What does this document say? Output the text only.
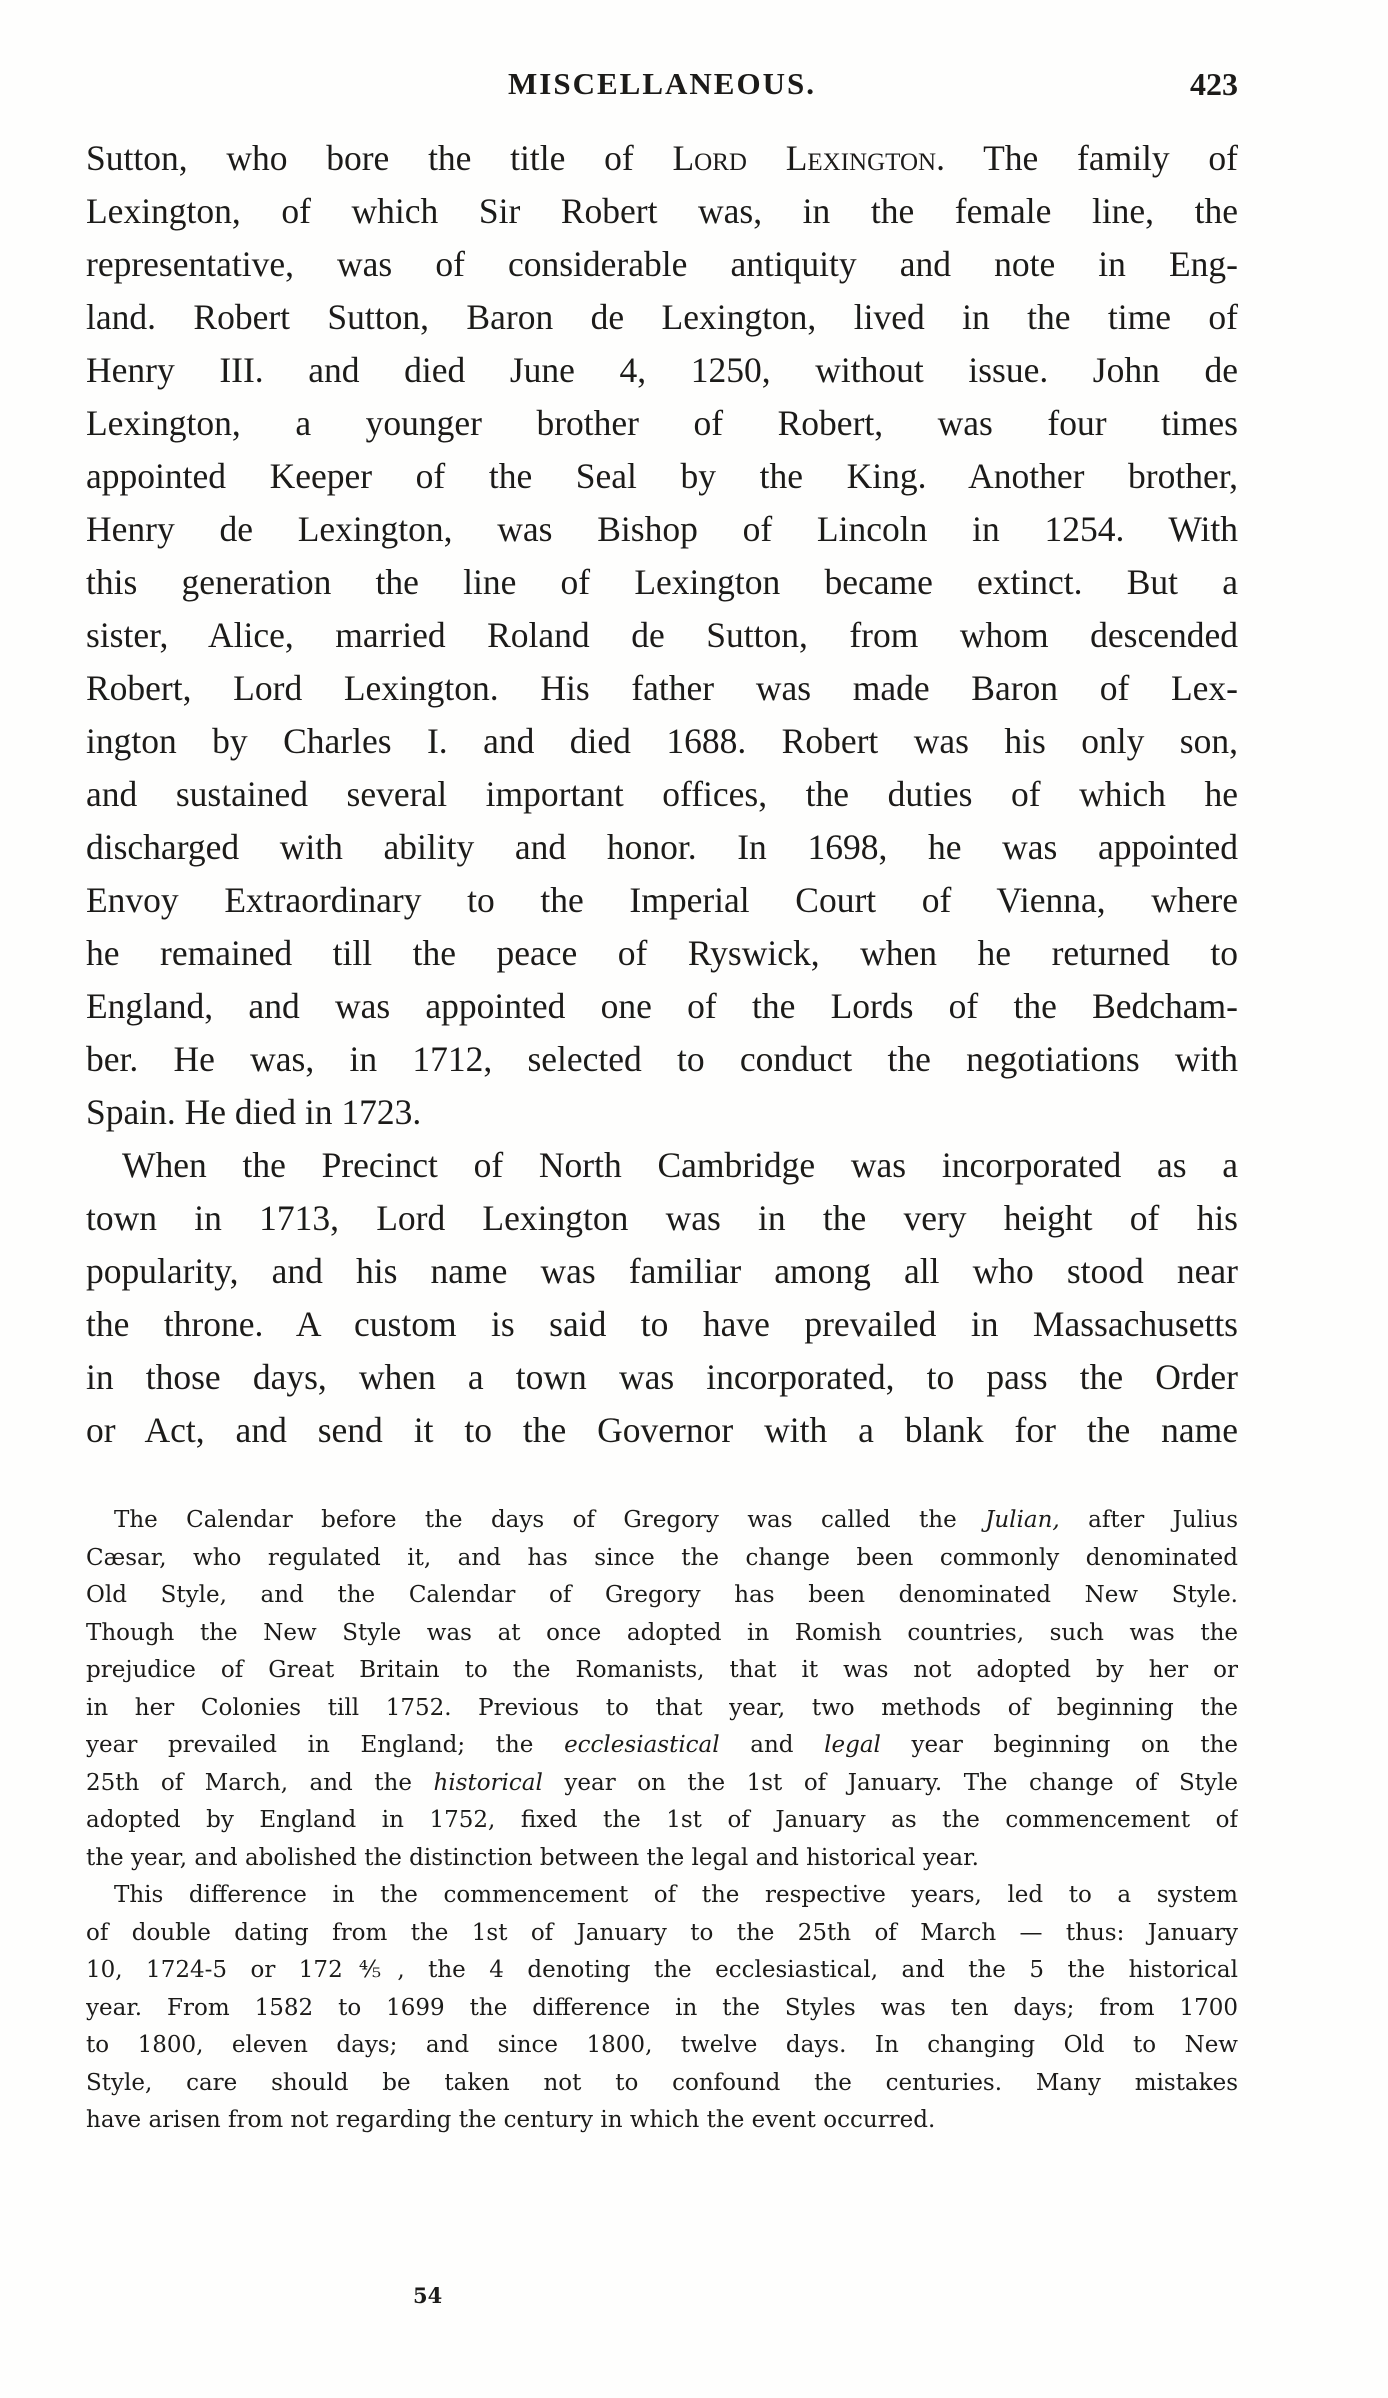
MISCELLANEOUS.	423
Sutton, who bore the title of Lord Lexington. The family of
Lexington, of which Sir Robert was, in the female line, the
representative, was of considerable antiquity and note in Eng-
land. Robert Sutton, Baron de Lexington, lived in the time of
Henry III. and died June 4, 1250, without issue. John de
Lexington, a younger brother of Robert, was four times
appointed Keeper of the Seal by the King. Another brother,
Henry de Lexington, was Bishop of Lincoln in 1254. With
this generation the line of Lexington became extinct. But a
sister, Alice, married Roland de Sutton, from whom descended
Robert, Lord Lexington. His father was made Baron of Lex-
ington by Charles I. and died 1688. Robert was his only son,
and sustained several important offices, the duties of which he
discharged with ability and honor. In 1698, he was appointed
Envoy Extraordinary to the Imperial Court of Vienna, where
he remained till the peace of Ryswick, when he returned to
England, and was appointed one of the Lords of the Bedcham-
ber. He was, in 1712, selected to conduct the negotiations with
Spain. He died in 1723.
When the Precinct of North Cambridge was incorporated as a
town in 1713, Lord Lexington was in the very height of his
popularity, and his name was familiar among all who stood near
the throne. A custom is said to have prevailed in Massachusetts
in those days, when a town was incorporated, to pass the Order
or Act, and send it to the Governor with a blank for the name
The Calendar before the days of Gregory was called the Julian, after Julius
Cæsar, who regulated it, and has since the change been commonly denominated
Old Style, and the Calendar of Gregory has been denominated New Style.
Though the New Style was at once adopted in Romish countries, such was the
prejudice of Great Britain to the Romanists, that it was not adopted by her or
in her Colonies till 1752. Previous to that year, two methods of beginning the
year prevailed in England; the ecclesiastical and legal year beginning on the
25th of March, and the historical year on the 1st of January. The change of Style
adopted by England in 1752, fixed the 1st of January as the commencement of
the year, and abolished the distinction between the legal and historical year.
This difference in the commencement of the respective years, led to a system
of double dating from the 1st of January to the 25th of March — thus: January
10, 1724-5 or 172⅘, the 4 denoting the ecclesiastical, and the 5 the historical
year. From 1582 to 1699 the difference in the Styles was ten days; from 1700
to 1800, eleven days; and since 1800, twelve days. In changing Old to New
Style, care should be taken not to confound the centuries. Many mistakes
have arisen from not regarding the century in which the event occurred.
54
